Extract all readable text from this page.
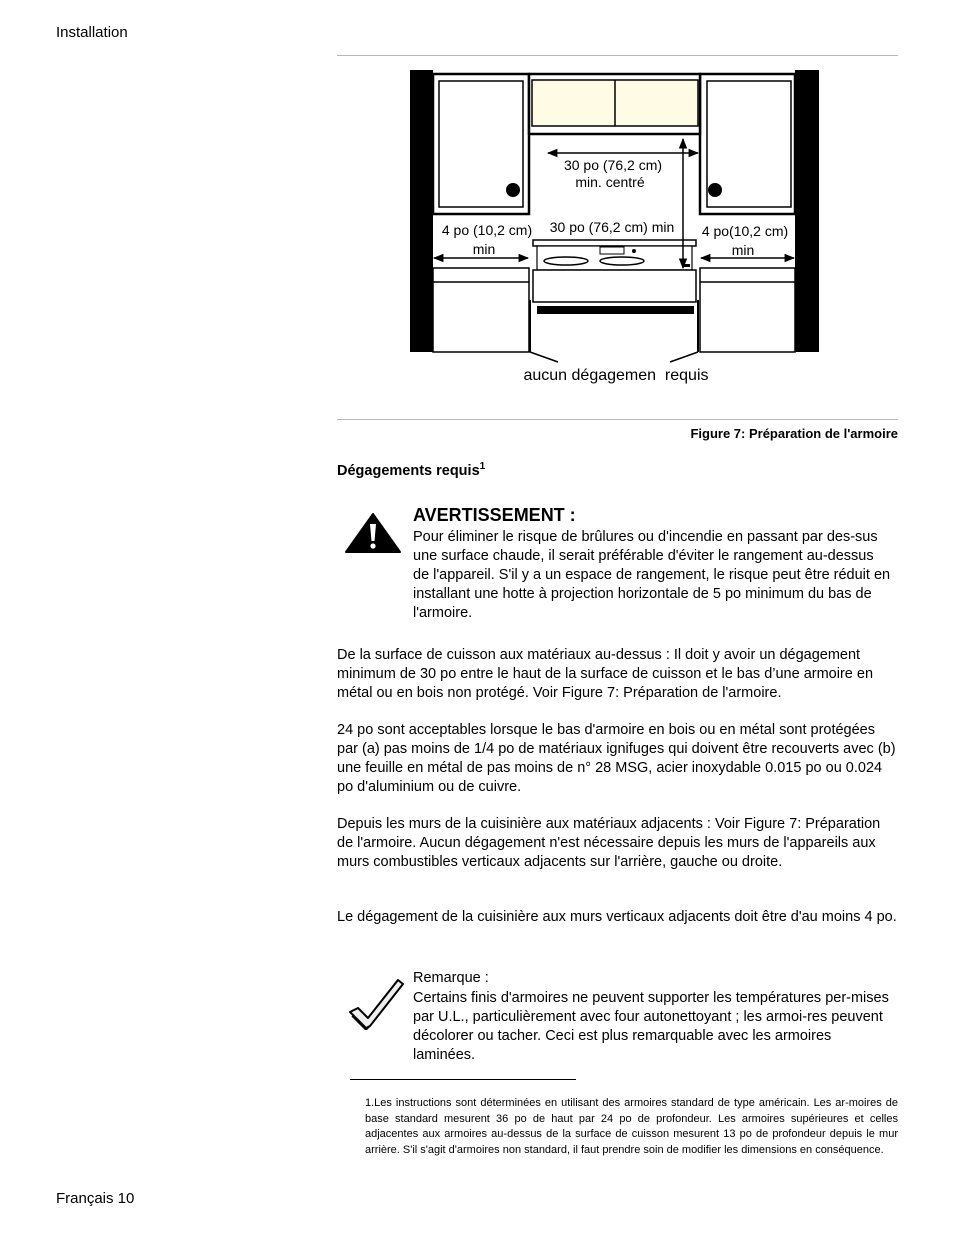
Installation
30 po (76,2 cm)
min. centré
4 po (10,2 cm)
min
30 po (76,2 cm) min 4 po(10,2 cm)
min
aucun dégagemen  requis
Figure 7: Préparation de l'armoire
Dégagements requis$^1$
AVERTISSEMENT :
Pour éliminer le risque de brûlures ou d'incendie en passant par des-sus une surface chaude, il serait préférable d'éviter le rangement au-dessus de l'appareil. S'il y a un espace de rangement, le risque peut être réduit en installant une hotte à projection horizontale de 5 po minimum du bas de l'armoire.
De la surface de cuisson aux matériaux au-dessus : Il doit y avoir un dégagement minimum de 30 po entre le haut de la surface de cuisson et le bas d’une armoire en métal ou en bois non protégé. Voir Figure 7: Préparation de l'armoire.
24 po sont acceptables lorsque le bas d'armoire en bois ou en métal sont protégées par (a) pas moins de 1/4 po de matériaux ignifuges qui doivent être recouverts avec (b) une feuille en métal de pas moins de n° 28 MSG, acier inoxydable 0.015 po ou 0.024 po d'aluminium ou de cuivre.
Depuis les murs de la cuisinière aux matériaux adjacents : Voir Figure 7: Préparation de l'armoire. Aucun dégagement n'est nécessaire depuis les murs de l'appareils aux murs combustibles verticaux adjacents sur l'arrière, gauche ou droite.
Le dégagement de la cuisinière aux murs verticaux adjacents doit être d'au moins 4 po.
Remarque :
Certains finis d'armoires ne peuvent supporter les températures per-mises par U.L., particulièrement avec four autonettoyant ; les armoi-res peuvent décolorer ou tacher. Ceci est plus remarquable avec les armoires laminées.
1.Les instructions sont déterminées en utilisant des armoires standard de type américain. Les ar-moires de base standard mesurent 36 po de haut par 24 po de profondeur. Les armoires supérieures et celles adjacentes aux armoires au-dessus de la surface de cuisson mesurent 13 po de profondeur depuis le mur arrière. S'il s'agit d'armoires non standard, il faut prendre soin de modifier les dimensions en conséquence.
Français 10
